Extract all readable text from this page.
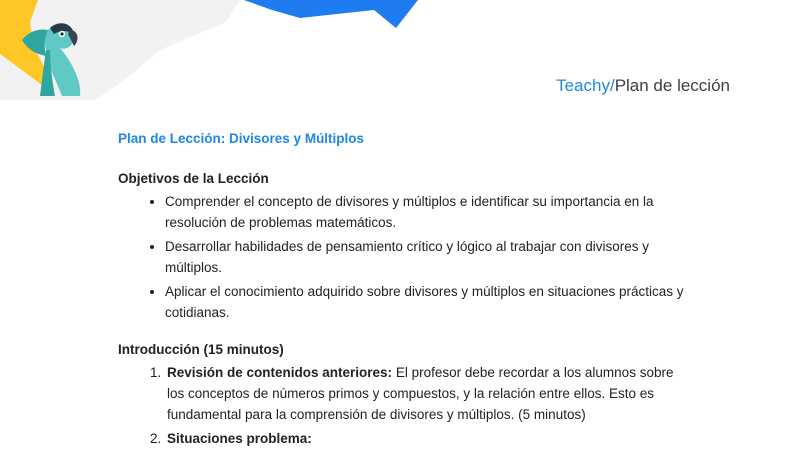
Teachy/Plan de lección
Plan de Lección: Divisores y Múltiplos
Objetivos de la Lección
• Comprender el concepto de divisores y múltiplos e identificar su importancia en la resolución de problemas matemáticos.
• Desarrollar habilidades de pensamiento crítico y lógico al trabajar con divisores y múltiplos.
• Aplicar el conocimiento adquirido sobre divisores y múltiplos en situaciones prácticas y cotidianas.
Introducción (15 minutos)
1. Revisión de contenidos anteriores: El profesor debe recordar a los alumnos sobre los conceptos de números primos y compuestos, y la relación entre ellos. Esto es fundamental para la comprensión de divisores y múltiplos. (5 minutos)
2. Situaciones problema:
